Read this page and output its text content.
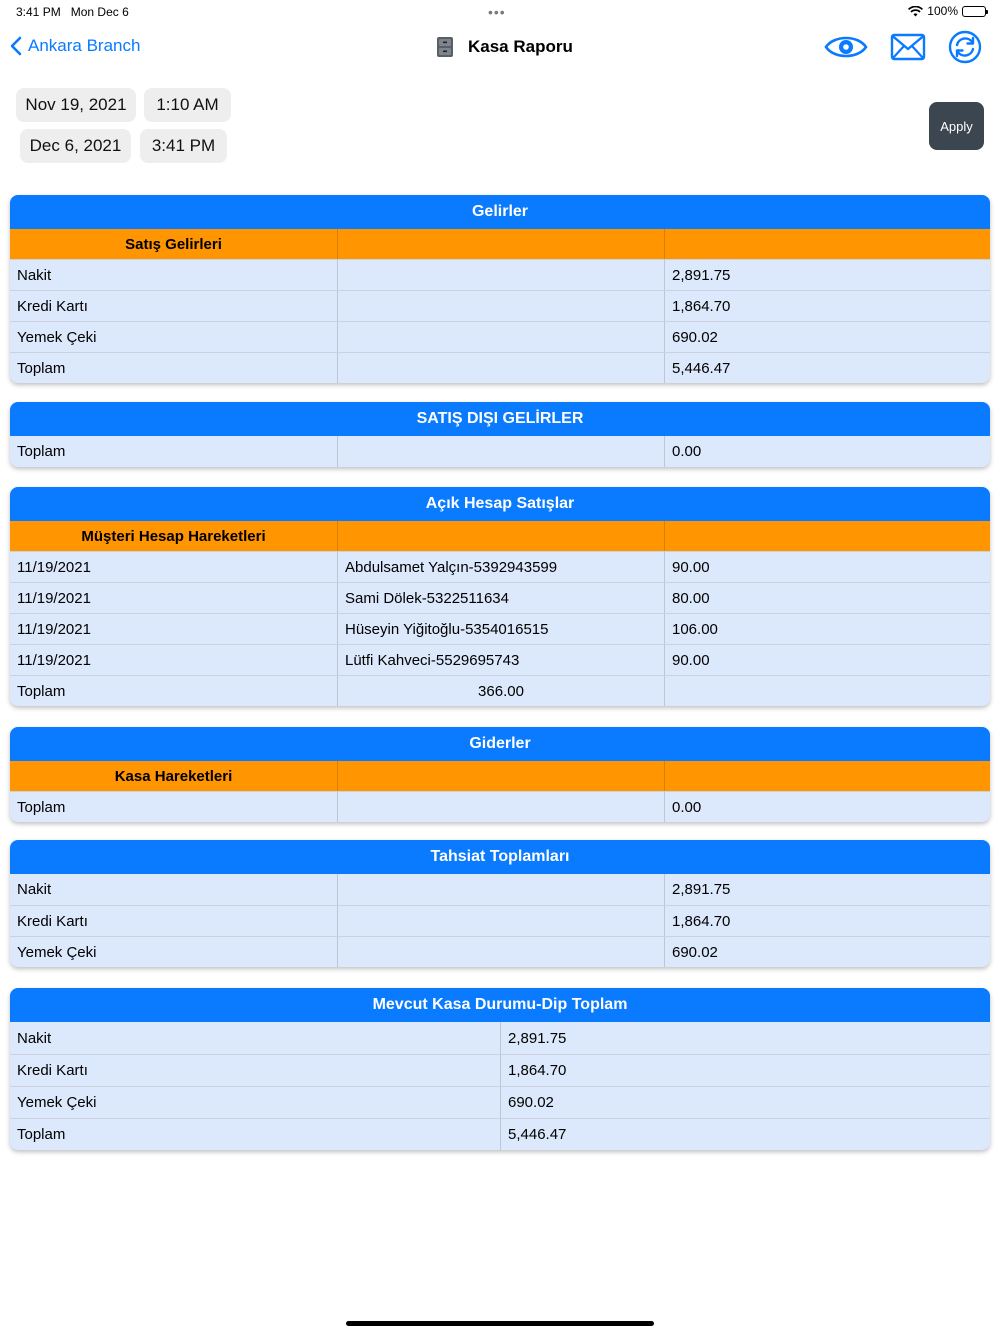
3:41 PM Mon Dec 6	•••	100%
Ankara Branch	Kasa Raporu
Nov 19, 2021	1:10 AM
Dec 6, 2021	3:41 PM
Apply
Gelirler
Satış Gelirleri
Nakit	2,891.75
Kredi Kartı	1,864.70
Yemek Çeki	690.02
Toplam	5,446.47
SATIŞ DIŞI GELİRLER
Toplam	0.00
Açık Hesap Satışlar
Müşteri Hesap Hareketleri
11/19/2021	Abdulsamet Yalçın-5392943599	90.00
11/19/2021	Sami Dölek-5322511634	80.00
11/19/2021	Hüseyin Yiğitoğlu-5354016515	106.00
11/19/2021	Lütfi Kahveci-5529695743	90.00
Toplam	366.00
Giderler
Kasa Hareketleri
Toplam	0.00
Tahsiat Toplamları
Nakit	2,891.75
Kredi Kartı	1,864.70
Yemek Çeki	690.02
Mevcut Kasa Durumu-Dip Toplam
Nakit	2,891.75
Kredi Kartı	1,864.70
Yemek Çeki	690.02
Toplam	5,446.47
